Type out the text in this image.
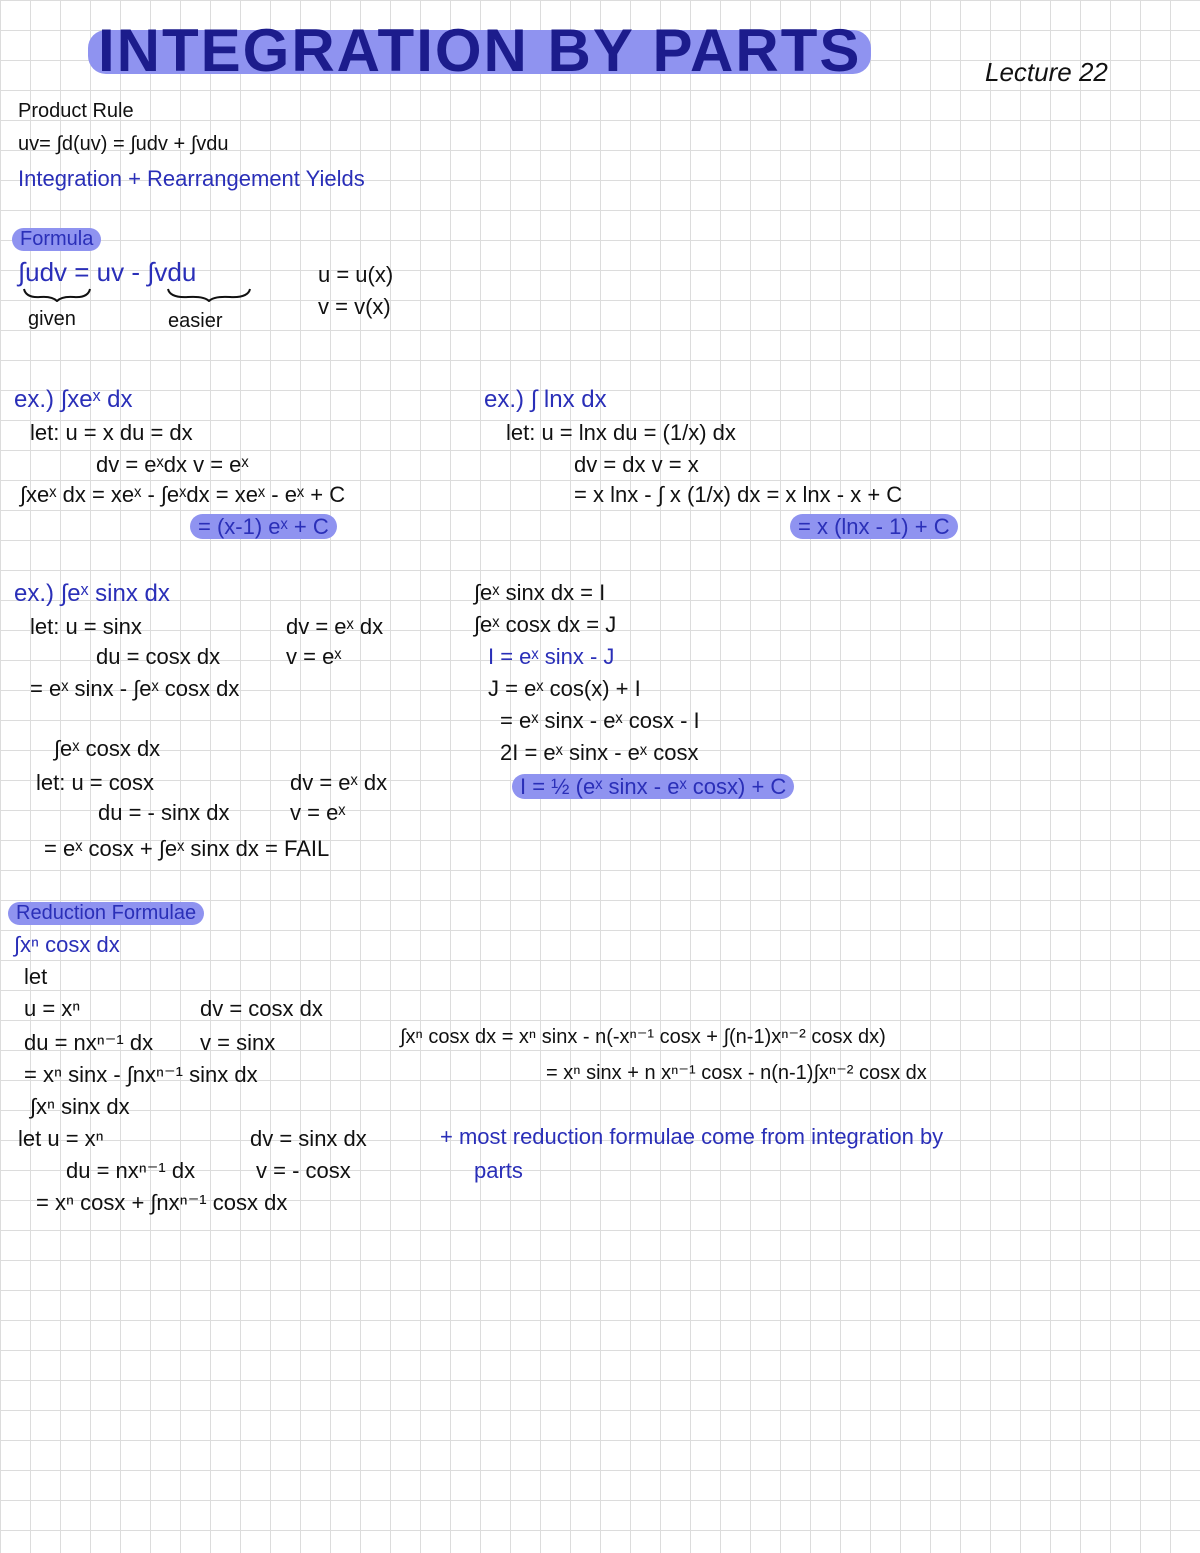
INTEGRATION BY PARTS	Lecture 22
Product Rule
uv= ∫d(uv) = ∫udv + ∫vdu
Integration + Rearrangement Yields
Formula
∫udv = uv - ∫vdu	u = u(x)
v = v(x)
given	easier
ex.) ∫xeˣ dx
let: u = x du = dx
dv = eˣdx v = eˣ
∫xeˣ dx = xeˣ - ∫eˣdx = xeˣ - eˣ + C
= (x-1) eˣ + C
ex.) ∫ lnx dx
let: u = lnx du = (1/x) dx
dv = dx v = x
= x lnx - ∫ x (1/x) dx = x lnx - x + C
= x (lnx - 1) + C
ex.) ∫eˣ sinx dx
let: u = sinx	dv = eˣ dx
du = cosx dx	v = eˣ
= eˣ sinx - ∫eˣ cosx dx
∫eˣ cosx dx
let: u = cosx	dv = eˣ dx
du = - sinx dx	v = eˣ
= eˣ cosx + ∫eˣ sinx dx = FAIL
∫eˣ sinx dx = I
∫eˣ cosx dx = J
I = eˣ sinx - J
J = eˣ cos(x) + I
= eˣ sinx - eˣ cosx - I
2I = eˣ sinx - eˣ cosx
I = ½ (eˣ sinx - eˣ cosx) + C
Reduction Formulae
∫xⁿ cosx dx
let
u = xⁿ	dv = cosx dx
du = nxⁿ⁻¹ dx v = sinx
= xⁿ sinx - ∫nxⁿ⁻¹ sinx dx
∫xⁿ sinx dx
let u = xⁿ	dv = sinx dx
du = nxⁿ⁻¹ dx	v = - cosx
= xⁿ cosx + ∫nxⁿ⁻¹ cosx dx
∫xⁿ cosx dx = xⁿ sinx - n(-xⁿ⁻¹ cosx + ∫(n-1)xⁿ⁻² cosx dx)
= xⁿ sinx + n xⁿ⁻¹ cosx - n(n-1)∫xⁿ⁻² cosx dx
+ most reduction formulae come from integration by
parts
